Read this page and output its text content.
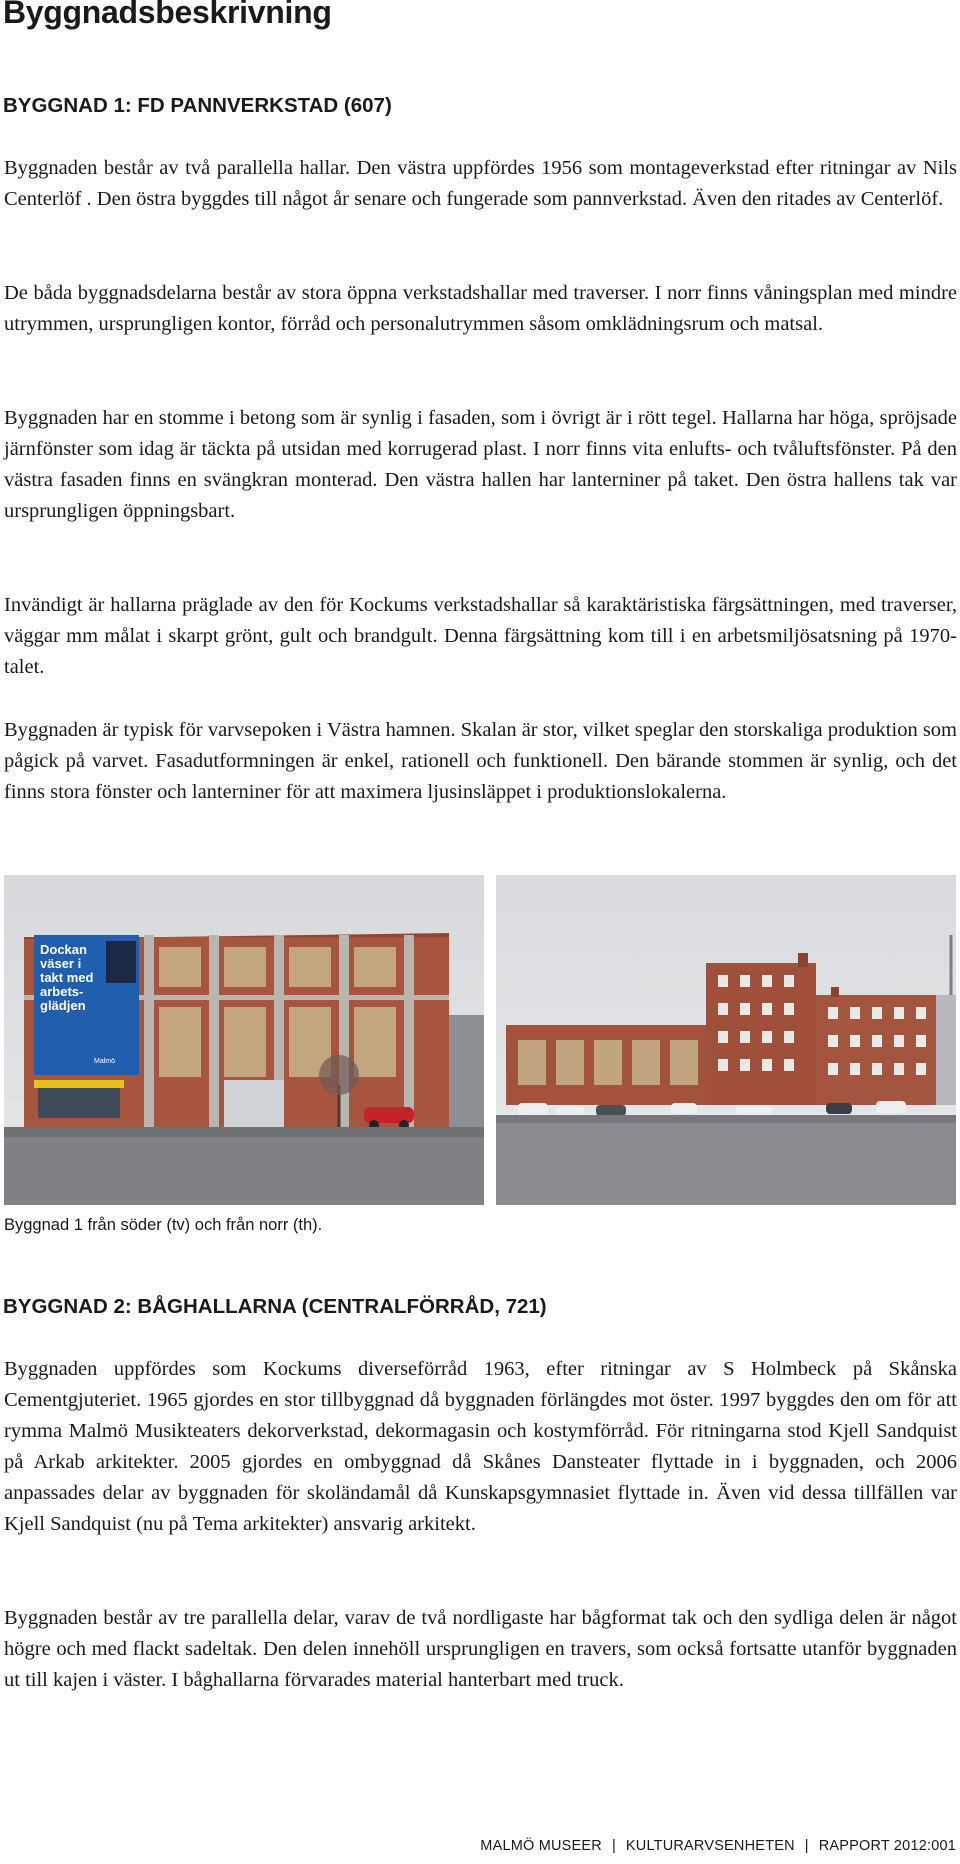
Byggnadsbeskrivning
BYGGNAD 1: FD PANNVERKSTAD (607)

Byggnaden består av två parallella hallar. Den västra uppfördes 1956 som montageverkstad efter ritningar av Nils Centerlöf . Den östra byggdes till något år senare och fungerade som pannverkstad. Även den ritades av Centerlöf.

De båda byggnadsdelarna består av stora öppna verkstadshallar med traverser. I norr finns våningsplan med mindre utrymmen, ursprungligen kontor, förråd och personalutrymmen såsom omklädningsrum och matsal.

Byggnaden har en stomme i betong som är synlig i fasaden, som i övrigt är i rött tegel. Hallarna har höga, spröjsade järnfönster som idag är täckta på utsidan med korrugerad plast. I norr finns vita enlufts- och tvåluftsfönster. På den västra fasaden finns en svängkran monterad. Den västra hallen har lanterniner på taket. Den östra hallens tak var ursprungligen öppningsbart.

Invändigt är hallarna präglade av den för Kockums verkstadshallar så karaktäristiska färgsättningen, med traverser, väggar mm målat i skarpt grönt, gult och brandgult. Denna färgsättning kom till i en arbetsmiljösatsning på 1970-talet.

Byggnaden är typisk för varvsepoken i Västra hamnen. Skalan är stor, vilket speglar den storskaliga produktion som pågick på varvet. Fasadutformningen är enkel, rationell och funktionell. Den bärande stommen är synlig, och det finns stora fönster och lanterniner för att maximera ljusinsläppet i produktionslokalerna.

Dockan
väser i
takt med
arbets-
glädjen
Malmö

Byggnad 1 från söder (tv) och från norr (th).

BYGGNAD 2: BÅGHALLARNA (CENTRALFÖRRÅD, 721)

Byggnaden uppfördes som Kockums diverseförråd 1963, efter ritningar av S Holmbeck på Skånska Cementgjuteriet. 1965 gjordes en stor tillbyggnad då byggnaden förlängdes mot öster. 1997 byggdes den om för att rymma Malmö Musikteaters dekorverkstad, dekormagasin och kostymförråd. För ritningarna stod Kjell Sandquist på Arkab arkitekter. 2005 gjordes en ombyggnad då Skånes Dansteater flyttade in i byggnaden, och 2006 anpassades delar av byggnaden för skoländamål då Kunskapsgymnasiet flyttade in. Även vid dessa tillfällen var Kjell Sandquist (nu på Tema arkitekter) ansvarig arkitekt.

Byggnaden består av tre parallella delar, varav de två nordligaste har bågformat tak och den sydliga delen är något högre och med flackt sadeltak. Den delen innehöll ursprungligen en travers, som också fortsatte utanför byggnaden ut till kajen i väster. I båghallarna förvarades material hanterbart med truck.

MALMÖ MUSEER | KULTURARVSENHETEN | RAPPORT 2012:001
